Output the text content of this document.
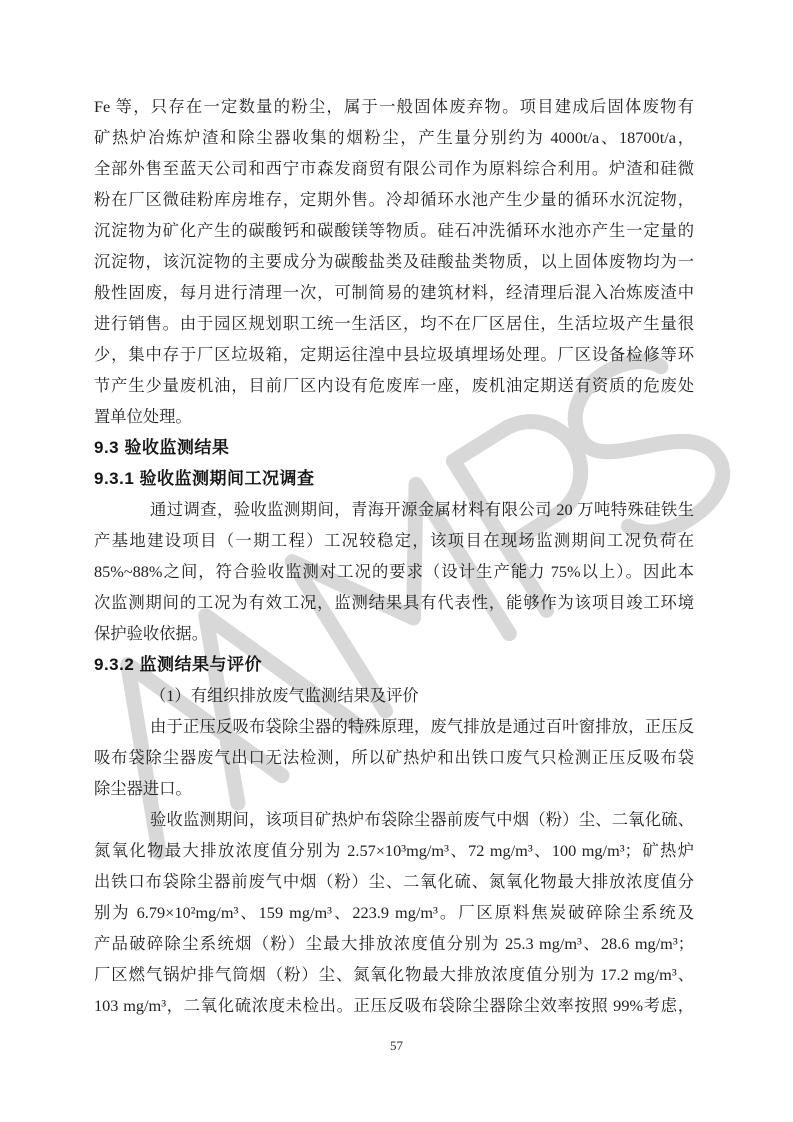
Fe 等，只存在一定数量的粉尘，属于一般固体废弃物。项目建成后固体废物有
矿热炉冶炼炉渣和除尘器收集的烟粉尘，产生量分别约为 4000t/a、18700t/a，
全部外售至蓝天公司和西宁市森发商贸有限公司作为原料综合利用。炉渣和硅微
粉在厂区微硅粉库房堆存，定期外售。冷却循环水池产生少量的循环水沉淀物，
沉淀物为矿化产生的碳酸钙和碳酸镁等物质。硅石冲洗循环水池亦产生一定量的
沉淀物，该沉淀物的主要成分为碳酸盐类及硅酸盐类物质，以上固体废物均为一
般性固废，每月进行清理一次，可制简易的建筑材料，经清理后混入冶炼废渣中
进行销售。由于园区规划职工统一生活区，均不在厂区居住，生活垃圾产生量很
少，集中存于厂区垃圾箱，定期运往湟中县垃圾填埋场处理。厂区设备检修等环
节产生少量废机油，目前厂区内设有危废库一座，废机油定期送有资质的危废处
置单位处理。
9.3 验收监测结果
9.3.1 验收监测期间工况调查
通过调查，验收监测期间，青海开源金属材料有限公司 20 万吨特殊硅铁生
产基地建设项目（一期工程）工况较稳定，该项目在现场监测期间工况负荷在
85%~88%之间，符合验收监测对工况的要求（设计生产能力 75%以上）。因此本
次监测期间的工况为有效工况，监测结果具有代表性，能够作为该项目竣工环境
保护验收依据。
9.3.2 监测结果与评价
（1）有组织排放废气监测结果及评价
由于正压反吸布袋除尘器的特殊原理，废气排放是通过百叶窗排放，正压反
吸布袋除尘器废气出口无法检测，所以矿热炉和出铁口废气只检测正压反吸布袋
除尘器进口。
验收监测期间，该项目矿热炉布袋除尘器前废气中烟（粉）尘、二氧化硫、
氮氧化物最大排放浓度值分别为 2.57×10³mg/m³、72 mg/m³、100 mg/m³；矿热炉
出铁口布袋除尘器前废气中烟（粉）尘、二氧化硫、氮氧化物最大排放浓度值分
别为 6.79×10²mg/m³、159 mg/m³、223.9 mg/m³。厂区原料焦炭破碎除尘系统及
产品破碎除尘系统烟（粉）尘最大排放浓度值分别为 25.3 mg/m³、28.6 mg/m³；
厂区燃气锅炉排气筒烟（粉）尘、氮氧化物最大排放浓度值分别为 17.2 mg/m³、
103 mg/m³，二氧化硫浓度未检出。正压反吸布袋除尘器除尘效率按照 99%考虑，
57
